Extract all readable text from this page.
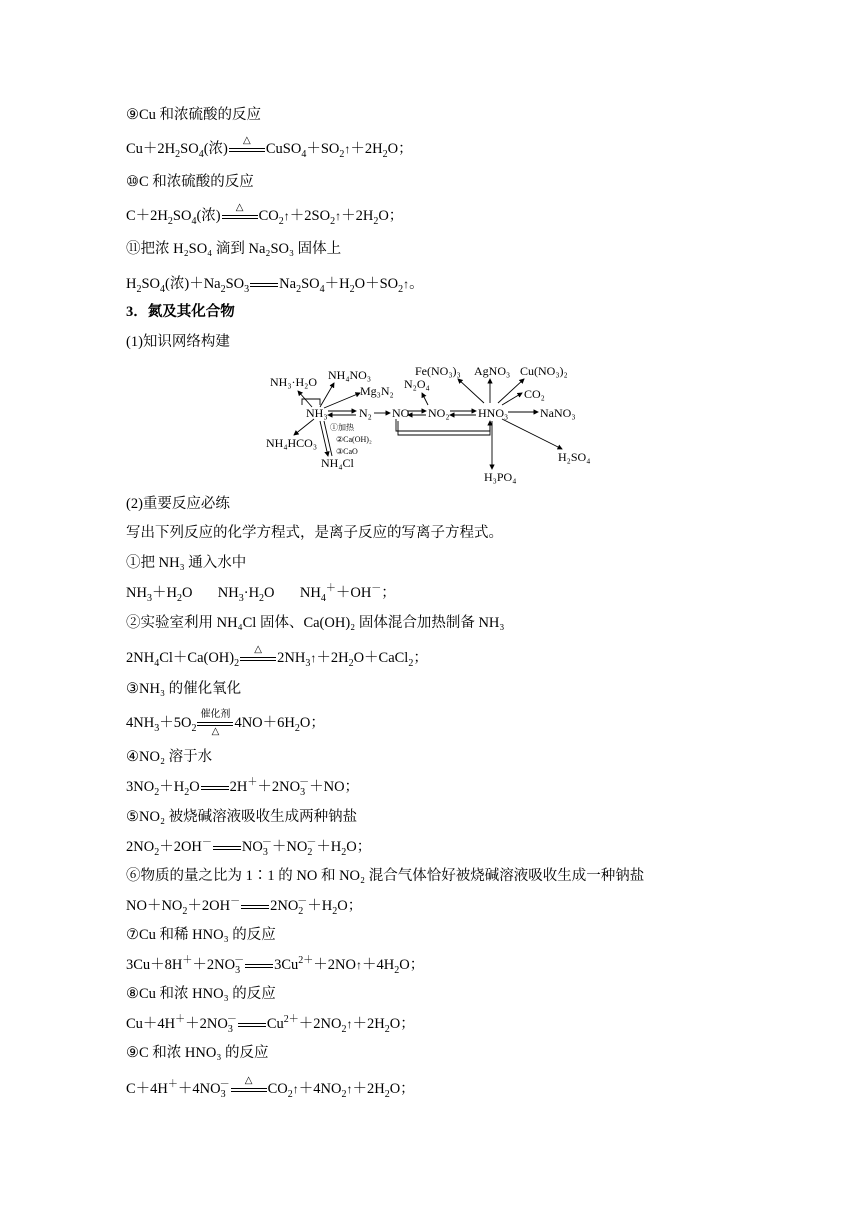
⑨Cu 和浓硫酸的反应
$Cu+2H_2SO_4$(浓)
△
$CuSO_4+SO_2↑+2H_2O$；
⑩C 和浓硫酸的反应
$C+2H_2SO_4$(浓)
△
$CO_2↑+2SO_2↑+2H_2O$；
⑪把浓 H₂SO₄ 滴到 Na₂SO₃ 固体上
$H_2SO_4$(浓)$+Na_2SO_3$ $Na_2SO_4+H_2O+SO_2↑$。
3．氮及其化合物
(1)知识网络构建
NH₃·H₂O NH₄NO₃
Mg₃N₂
NH₃	N₂ NO NO₂
N₂O₄
HNO₃	NaNO₃
Fe(NO₃)₃ AgNO₃ Cu(NO₃)₂
CO₂
H₂SO₄
H₃PO₄
NH₄HCO₃
NH₄Cl
①加热
②Ca(OH)₂
③CaO
(2)重要反应必练
写出下列反应的化学方程式，是离子反应的写离子方程式。
①把 NH₃ 通入水中
$NH_3+H_2O$       $NH_3\cdot H_2O$       $NH_4^++OH^-$；
②实验室利用 NH₄Cl 固体、Ca(OH)₂ 固体混合加热制备 NH₃
$2NH_4Cl+Ca(OH)_2$
△
$2NH_3↑+2H_2O+CaCl_2$；
③NH₃ 的催化氧化
$4NH_3+5O_2$
催化剂
△
$4NO+6H_2O$；
④NO₂ 溶于水
$3NO_2+H_2O$ $2H^++2NO_3^-+NO$；
⑤NO₂ 被烧碱溶液吸收生成两种钠盐
$2NO_2+2OH^-$ $NO_3^-+NO_2^-+H_2O$；
⑥物质的量之比为 1∶1 的 NO 和 NO₂ 混合气体恰好被烧碱溶液吸收生成一种钠盐
$NO+NO_2+2OH^-$ $2NO_2^-+H_2O$；
⑦Cu 和稀 HNO₃ 的反应
$3Cu+8H^++2NO_3^-$ $3Cu^{2+}+2NO↑+4H_2O$；
⑧Cu 和浓 HNO₃ 的反应
$Cu+4H^++2NO_3^-$ $Cu^{2+}+2NO_2↑+2H_2O$；
⑨C 和浓 HNO₃ 的反应
$C+4H^++4NO_3^-$	△
$CO_2↑+4NO_2↑+2H_2O$；
